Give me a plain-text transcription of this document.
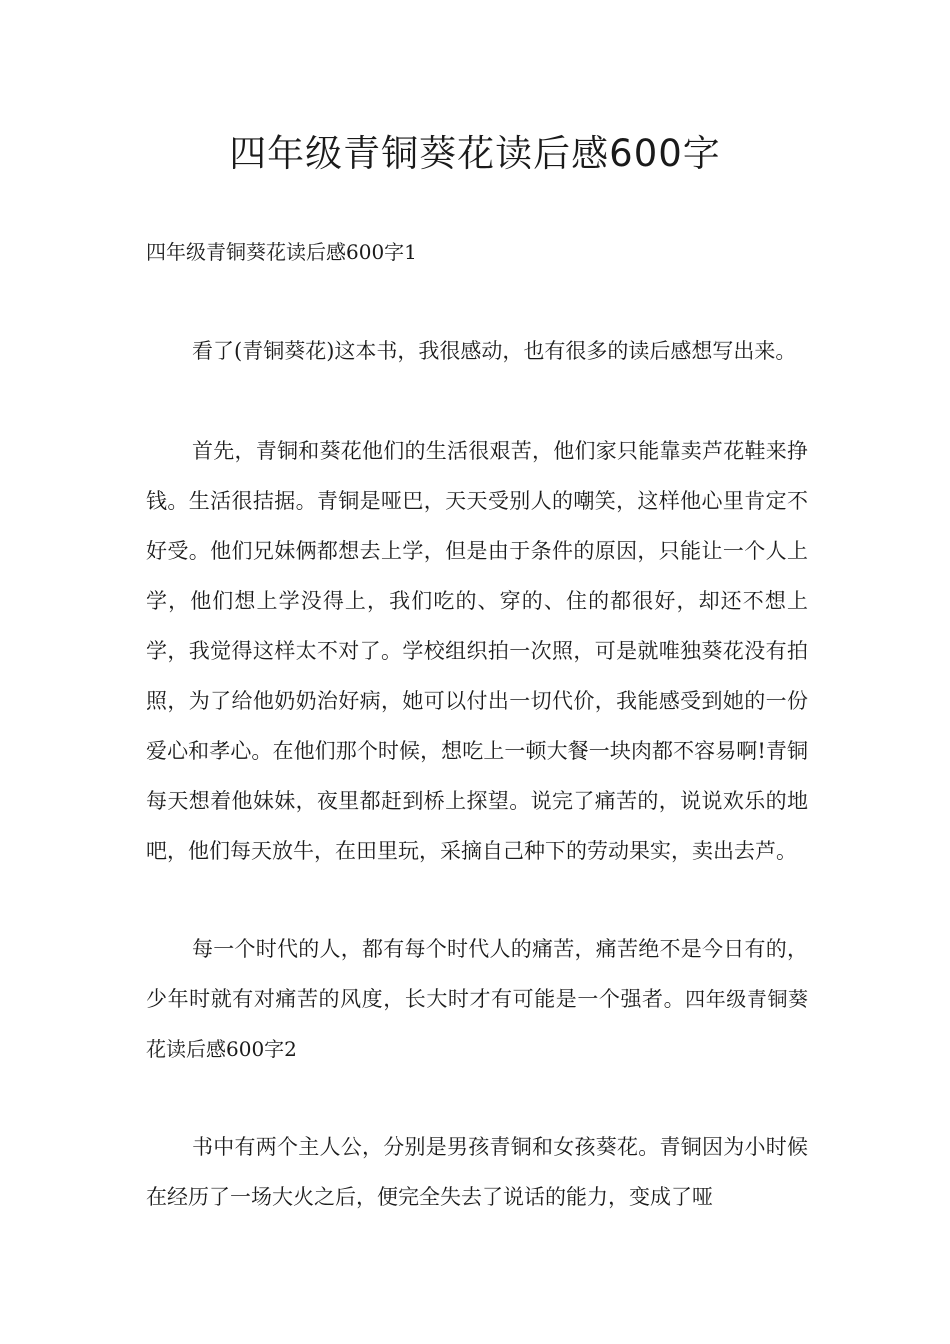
四年级青铜葵花读后感600字
四年级青铜葵花读后感600字1

看了(青铜葵花)这本书，我很感动，也有很多的读后感想写出来。

首先，青铜和葵花他们的生活很艰苦，他们家只能靠卖芦花鞋来挣钱。生活很拮据。青铜是哑巴，天天受别人的嘲笑，这样他心里肯定不好受。他们兄妹俩都想去上学，但是由于条件的原因，只能让一个人上学，他们想上学没得上，我们吃的、穿的、住的都很好，却还不想上学，我觉得这样太不对了。学校组织拍一次照，可是就唯独葵花没有拍照，为了给他奶奶治好病，她可以付出一切代价，我能感受到她的一份爱心和孝心。在他们那个时候，想吃上一顿大餐一块肉都不容易啊!青铜每天想着他妹妹，夜里都赶到桥上探望。说完了痛苦的，说说欢乐的地吧，他们每天放牛，在田里玩，采摘自己种下的劳动果实，卖出去芦。

每一个时代的人，都有每个时代人的痛苦，痛苦绝不是今日有的，少年时就有对痛苦的风度，长大时才有可能是一个强者。四年级青铜葵花读后感600字2

书中有两个主人公，分别是男孩青铜和女孩葵花。青铜因为小时候在经历了一场大火之后，便完全失去了说话的能力，变成了哑
